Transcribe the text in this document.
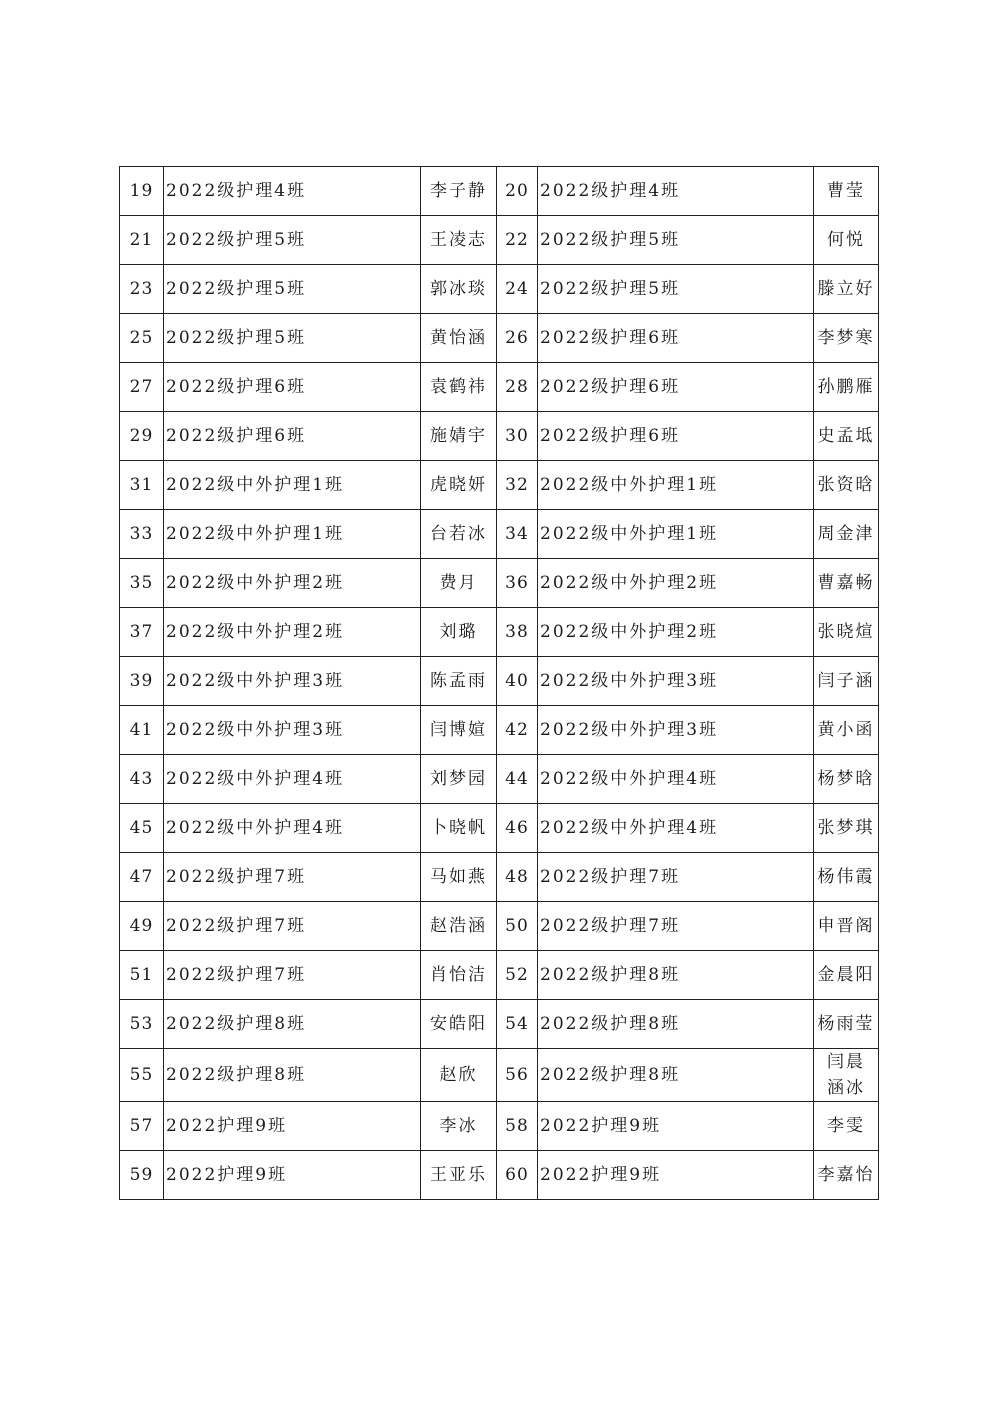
19	2022级护理4班	李子静	20	2022级护理4班	曹莹
21	2022级护理5班	王凌志	22	2022级护理5班	何悦
23	2022级护理5班	郭冰琰	24	2022级护理5班	滕立好
25	2022级护理5班	黄怡涵	26	2022级护理6班	李梦寒
27	2022级护理6班	袁鹤祎	28	2022级护理6班	孙鹏雁
29	2022级护理6班	施婧宇	30	2022级护理6班	史孟坻
31	2022级中外护理1班	虎晓妍	32	2022级中外护理1班	张资晗
33	2022级中外护理1班	台若冰	34	2022级中外护理1班	周金津
35	2022级中外护理2班	费月	36	2022级中外护理2班	曹嘉畅
37	2022级中外护理2班	刘璐	38	2022级中外护理2班	张晓煊
39	2022级中外护理3班	陈孟雨	40	2022级中外护理3班	闫子涵
41	2022级中外护理3班	闫博媗	42	2022级中外护理3班	黄小函
43	2022级中外护理4班	刘梦园	44	2022级中外护理4班	杨梦晗
45	2022级中外护理4班	卜晓帆	46	2022级中外护理4班	张梦琪
47	2022级护理7班	马如燕	48	2022级护理7班	杨伟霞
49	2022级护理7班	赵浩涵	50	2022级护理7班	申晋阁
51	2022级护理7班	肖怡洁	52	2022级护理8班	金晨阳
53	2022级护理8班	安皓阳	54	2022级护理8班	杨雨莹
55	2022级护理8班	赵欣	56	2022级护理8班	闫晨涵冰
57	2022护理9班	李冰	58	2022护理9班	李雯
59	2022护理9班	王亚乐	60	2022护理9班	李嘉怡
